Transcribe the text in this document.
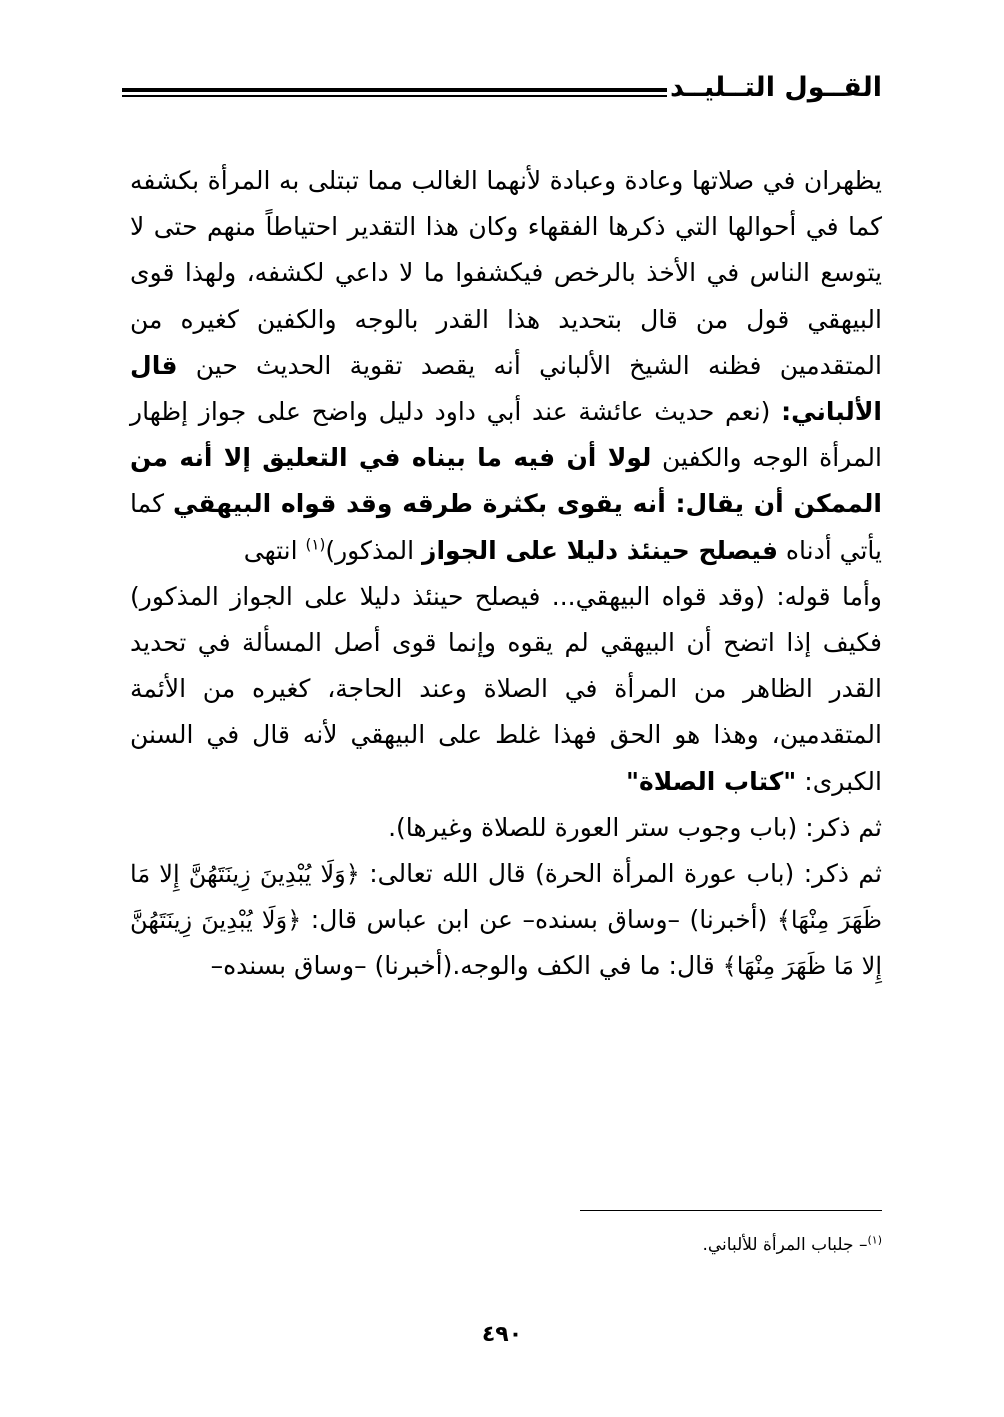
القــول التــليــد

يظهران في صلاتها وعادة وعبادة لأنهما الغالب مما تبتلى به المرأة بكشفه كما في أحوالها التي ذكرها الفقهاء وكان هذا التقدير احتياطاً منهم حتى لا يتوسع الناس في الأخذ بالرخص فيكشفوا ما لا داعي لكشفه، ولهذا قوى البيهقي قول من قال بتحديد هذا القدر بالوجه والكفين كغيره من المتقدمين فظنه الشيخ الألباني أنه يقصد تقوية الحديث حين قال الألباني: (نعم حديث عائشة عند أبي داود دليل واضح على جواز إظهار المرأة الوجه والكفين لولا أن فيه ما بيناه في التعليق إلا أنه من الممكن أن يقال: أنه يقوى بكثرة طرقه وقد قواه البيهقي كما يأتي أدناه فيصلح حينئذ دليلا على الجواز المذكور)$^{(١)}$ انتهى

وأما قوله: (وقد قواه البيهقي... فيصلح حينئذ دليلا على الجواز المذكور) فكيف إذا اتضح أن البيهقي لم يقوه وإنما قوى أصل المسألة في تحديد القدر الظاهر من المرأة في الصلاة وعند الحاجة، كغيره من الأئمة المتقدمين، وهذا هو الحق فهذا غلط على البيهقي لأنه قال في السنن الكبرى: "كتاب الصلاة"

ثم ذكر: (باب وجوب ستر العورة للصلاة وغيرها).

ثم ذكر: (باب عورة المرأة الحرة) قال الله تعالى: ﴿وَلَا يُبْدِينَ زِينَتَهُنَّ إِلا مَا ظَهَرَ مِنْهَا﴾ (أخبرنا) –وساق بسنده– عن ابن عباس قال: ﴿وَلَا يُبْدِينَ زِينَتَهُنَّ إِلا مَا ظَهَرَ مِنْهَا﴾ قال: ما في الكف والوجه.(أخبرنا) –وساق بسنده–

$^{(١)}$– جلباب المرأة للألباني.
٤٩٠
